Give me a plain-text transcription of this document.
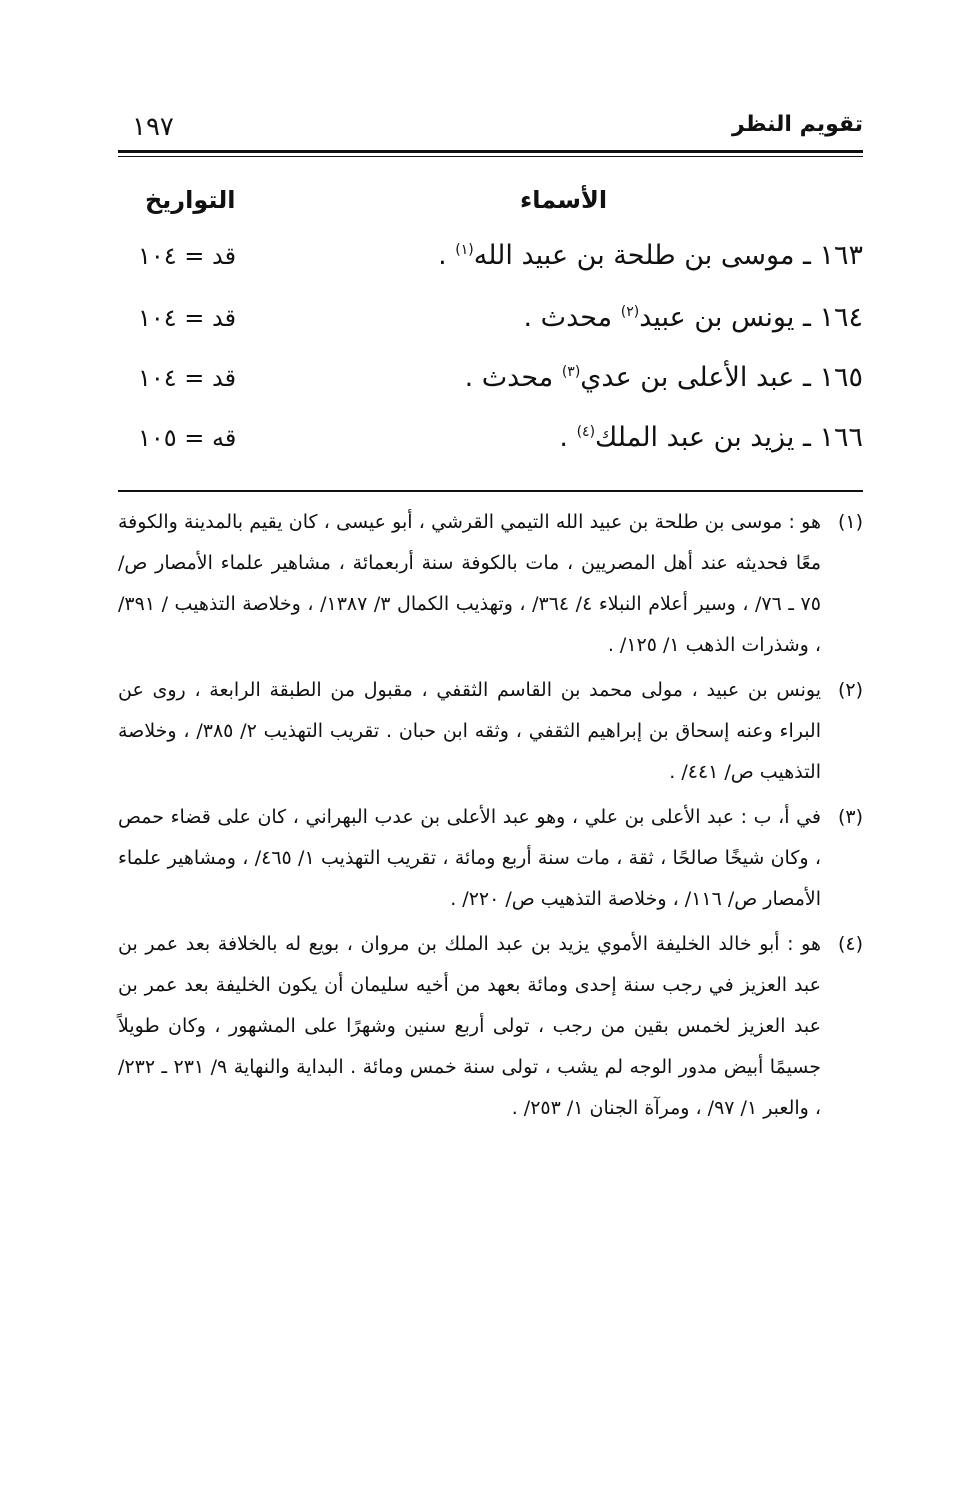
تقويم النظر
١٩٧
الأسماء
التواريخ
١٦٣ ـ موسى بن طلحة بن عبيد الله$^{(١)}$ .
قد = ١٠٤
١٦٤ ـ يونس بن عبيد$^{(٢)}$ محدث .
قد = ١٠٤
١٦٥ ـ عبد الأعلى بن عدي$^{(٣)}$ محدث .
قد = ١٠٤
١٦٦ ـ يزيد بن عبد الملك$^{(٤)}$ .
قه = ١٠٥
(١)
هو : موسى بن طلحة بن عبيد الله التيمي القرشي ، أبو عيسى ، كان يقيم بالمدينة والكوفة معًا فحديثه عند أهل المصريين ، مات بالكوفة سنة أربعمائة ، مشاهير علماء الأمصار ص/ ٧٥ ـ ٧٦/ ، وسير أعلام النبلاء ٤/ ٣٦٤/ ، وتهذيب الكمال ٣/ ١٣٨٧/ ، وخلاصة التذهيب / ٣٩١/ ، وشذرات الذهب ١/ ١٢٥/ .
(٢)
يونس بن عبيد ، مولى محمد بن القاسم الثقفي ، مقبول من الطبقة الرابعة ، روى عن البراء وعنه إسحاق بن إبراهيم الثقفي ، وثقه ابن حبان . تقريب التهذيب ٢/ ٣٨٥/ ، وخلاصة التذهيب ص/ ٤٤١/ .
(٣)
في أ، ب : عبد الأعلى بن علي ، وهو عبد الأعلى بن عدب البهراني ، كان على قضاء حمص ، وكان شيخًا صالحًا ، ثقة ، مات سنة أربع ومائة ، تقريب التهذيب ١/ ٤٦٥/ ، ومشاهير علماء الأمصار ص/ ١١٦/ ، وخلاصة التذهيب ص/ ٢٢٠/ .
(٤)
هو : أبو خالد الخليفة الأموي يزيد بن عبد الملك بن مروان ، بويع له بالخلافة بعد عمر بن عبد العزيز في رجب سنة إحدى ومائة بعهد من أخيه سليمان أن يكون الخليفة بعد عمر بن عبد العزيز لخمس بقين من رجب ، تولى أربع سنين وشهرًا على المشهور ، وكان طويلاً جسيمًا أبيض مدور الوجه لم يشب ، تولى سنة خمس ومائة . البداية والنهاية ٩/ ٢٣١ ـ ٢٣٢/ ، والعبر ١/ ٩٧/ ، ومرآة الجنان ١/ ٢٥٣/ .
